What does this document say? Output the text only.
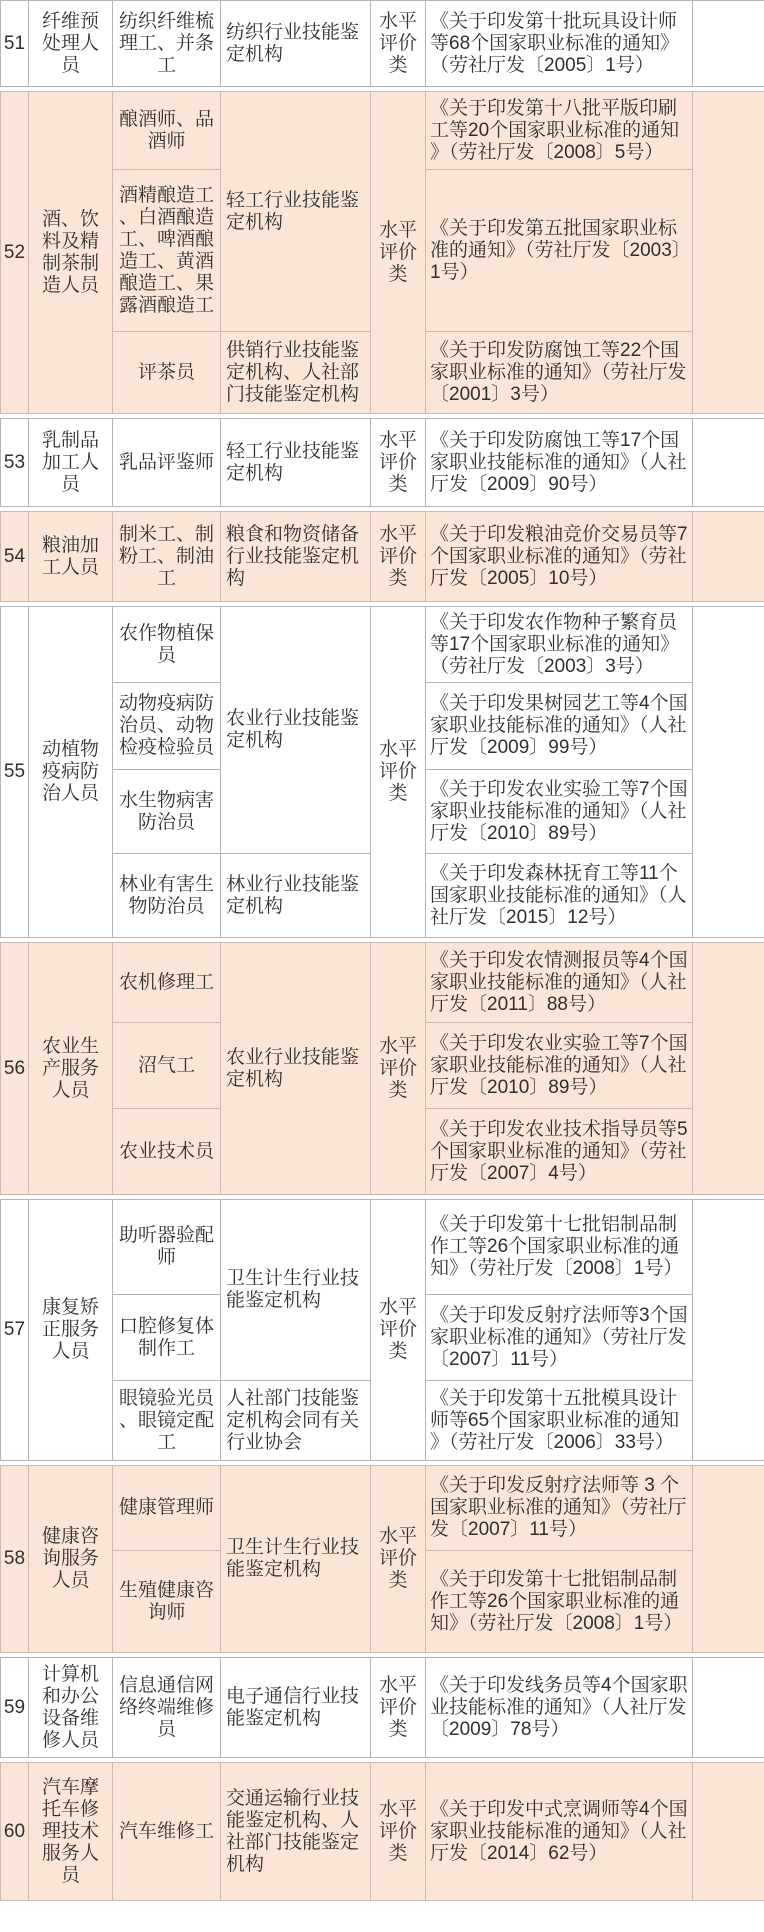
51	纤维预处理人员	纺织纤维梳理工、并条工	纺织行业技能鉴定机构	水平评价类	《关于印发第十批玩具设计师等68个国家职业标准的通知》（劳社厅发〔2005〕1号）	
52	酒、饮料及精制茶制造人员	酿酒师、品酒师	轻工行业技能鉴定机构	水平评价类	《关于印发第十八批平版印刷工等20个国家职业标准的通知》（劳社厅发〔2008〕5号）	
		酒精酿造工、白酒酿造工、啤酒酿造工、黄酒酿造工、果露酒酿造工			《关于印发第五批国家职业标准的通知》（劳社厅发〔2003〕1号）	
		评茶员	供销行业技能鉴定机构、人社部门技能鉴定机构		《关于印发防腐蚀工等22个国家职业标准的通知》（劳社厅发〔2001〕3号）	
53	乳制品加工人员	乳品评鉴师	轻工行业技能鉴定机构	水平评价类	《关于印发防腐蚀工等17个国家职业技能标准的通知》（人社厅发〔2009〕90号）	
54	粮油加工人员	制米工、制粉工、制油工	粮食和物资储备行业技能鉴定机构	水平评价类	《关于印发粮油竞价交易员等7个国家职业标准的通知》（劳社厅发〔2005〕10号）	
55	动植物疫病防治人员	农作物植保员	农业行业技能鉴定机构	水平评价类	《关于印发农作物种子繁育员等17个国家职业标准的通知》（劳社厅发〔2003〕3号）	
		动物疫病防治员、动物检疫检验员			《关于印发果树园艺工等4个国家职业技能标准的通知》（人社厅发〔2009〕99号）	
		水生物病害防治员			《关于印发农业实验工等7个国家职业技能标准的通知》（人社厅发〔2010〕89号）	
		林业有害生物防治员	林业行业技能鉴定机构		《关于印发森林抚育工等11个国家职业技能标准的通知》（人社厅发〔2015〕12号）	
56	农业生产服务人员	农机修理工	农业行业技能鉴定机构	水平评价类	《关于印发农情测报员等4个国家职业技能标准的通知》（人社厅发〔2011〕88号）	
		沼气工			《关于印发农业实验工等7个国家职业技能标准的通知》（人社厅发〔2010〕89号）	
		农业技术员			《关于印发农业技术指导员等5个国家职业标准的通知》（劳社厅发〔2007〕4号）	
57	康复矫正服务人员	助听器验配师	卫生计生行业技能鉴定机构	水平评价类	《关于印发第十七批铝制品制作工等26个国家职业标准的通知》（劳社厅发〔2008〕1号）	
		口腔修复体制作工			《关于印发反射疗法师等3个国家职业标准的通知》（劳社厅发〔2007〕11号）	
		眼镜验光员、眼镜定配工	人社部门技能鉴定机构会同有关行业协会		《关于印发第十五批模具设计师等65个国家职业标准的通知》（劳社厅发〔2006〕33号）	
58	健康咨询服务人员	健康管理师	卫生计生行业技能鉴定机构	水平评价类	《关于印发反射疗法师等 3 个国家职业标准的通知》（劳社厅发〔2007〕11号）	
		生殖健康咨询师			《关于印发第十七批铝制品制作工等26个国家职业标准的通知》（劳社厅发〔2008〕1号）	
59	计算机和办公设备维修人员	信息通信网络终端维修员	电子通信行业技能鉴定机构	水平评价类	《关于印发线务员等4个国家职业技能标准的通知》（人社厅发〔2009〕78号）	
60	汽车摩托车修理技术服务人员	汽车维修工	交通运输行业技能鉴定机构、人社部门技能鉴定机构	水平评价类	《关于印发中式烹调师等4个国家职业技能标准的通知》（人社厅发〔2014〕62号）	
